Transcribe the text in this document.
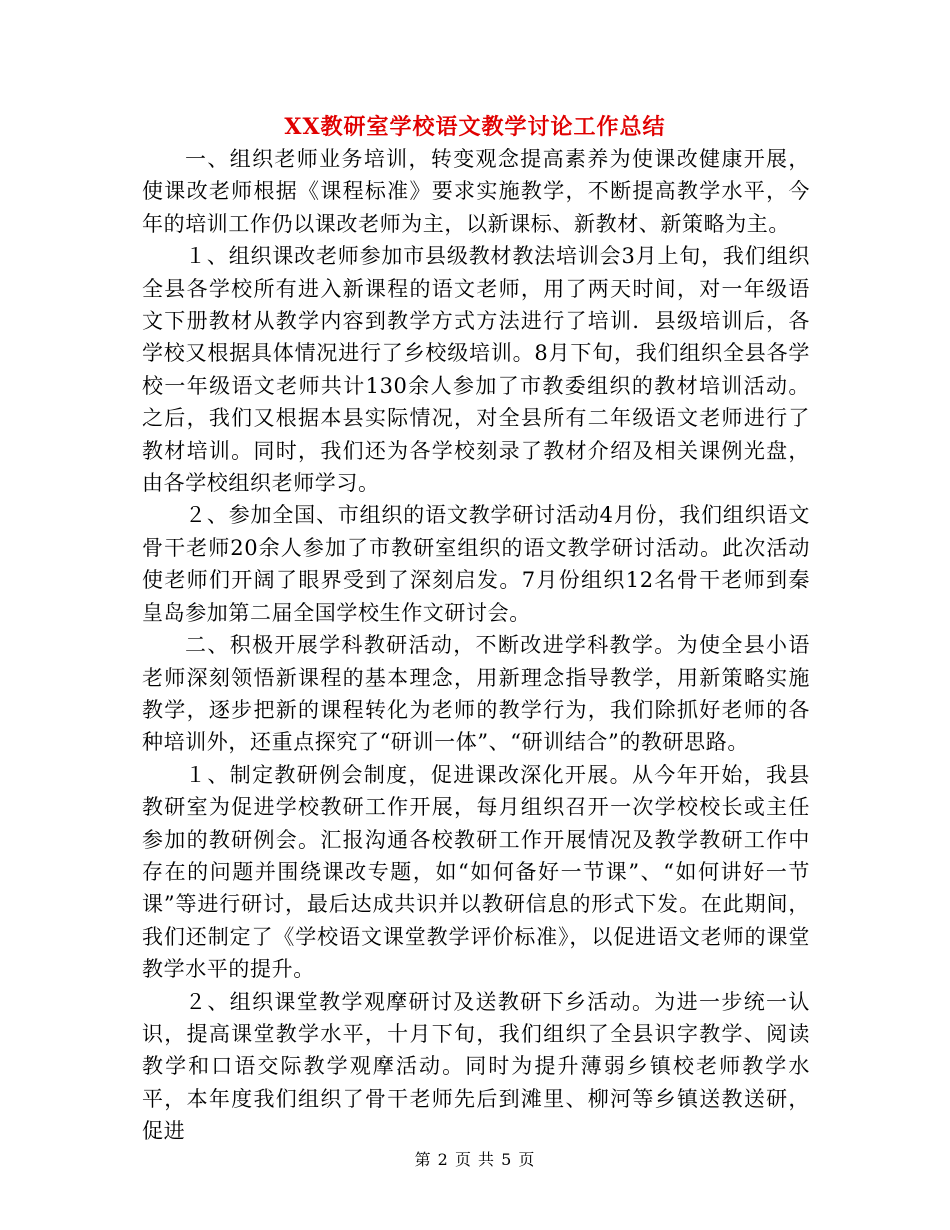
XX教研室学校语文教学讨论工作总结

一、组织老师业务培训，转变观念提高素养为使课改健康开展，使课改老师根据《课程标准》要求实施教学，不断提高教学水平，今年的培训工作仍以课改老师为主，以新课标、新教材、新策略为主。

１、组织课改老师参加市县级教材教法培训会3月上旬，我们组织全县各学校所有进入新课程的语文老师，用了两天时间，对一年级语文下册教材从教学内容到教学方式方法进行了培训．县级培训后，各学校又根据具体情况进行了乡校级培训。8月下旬，我们组织全县各学校一年级语文老师共计130余人参加了市教委组织的教材培训活动。之后，我们又根据本县实际情况，对全县所有二年级语文老师进行了教材培训。同时，我们还为各学校刻录了教材介绍及相关课例光盘，由各学校组织老师学习。

２、参加全国、市组织的语文教学研讨活动4月份，我们组织语文骨干老师20余人参加了市教研室组织的语文教学研讨活动。此次活动使老师们开阔了眼界受到了深刻启发。7月份组织12名骨干老师到秦皇岛参加第二届全国学校生作文研讨会。

二、积极开展学科教研活动，不断改进学科教学。为使全县小语老师深刻领悟新课程的基本理念，用新理念指导教学，用新策略实施教学，逐步把新的课程转化为老师的教学行为，我们除抓好老师的各种培训外，还重点探究了“研训一体”、“研训结合”的教研思路。

１、制定教研例会制度，促进课改深化开展。从今年开始，我县教研室为促进学校教研工作开展，每月组织召开一次学校校长或主任参加的教研例会。汇报沟通各校教研工作开展情况及教学教研工作中存在的问题并围绕课改专题，如“如何备好一节课”、“如何讲好一节课”等进行研讨，最后达成共识并以教研信息的形式下发。在此期间，我们还制定了《学校语文课堂教学评价标准》，以促进语文老师的课堂教学水平的提升。

２、组织课堂教学观摩研讨及送教研下乡活动。为进一步统一认识，提高课堂教学水平，十月下旬，我们组织了全县识字教学、阅读教学和口语交际教学观摩活动。同时为提升薄弱乡镇校老师教学水平，本年度我们组织了骨干老师先后到滩里、柳河等乡镇送教送研，促进

第 2 页 共 5 页
